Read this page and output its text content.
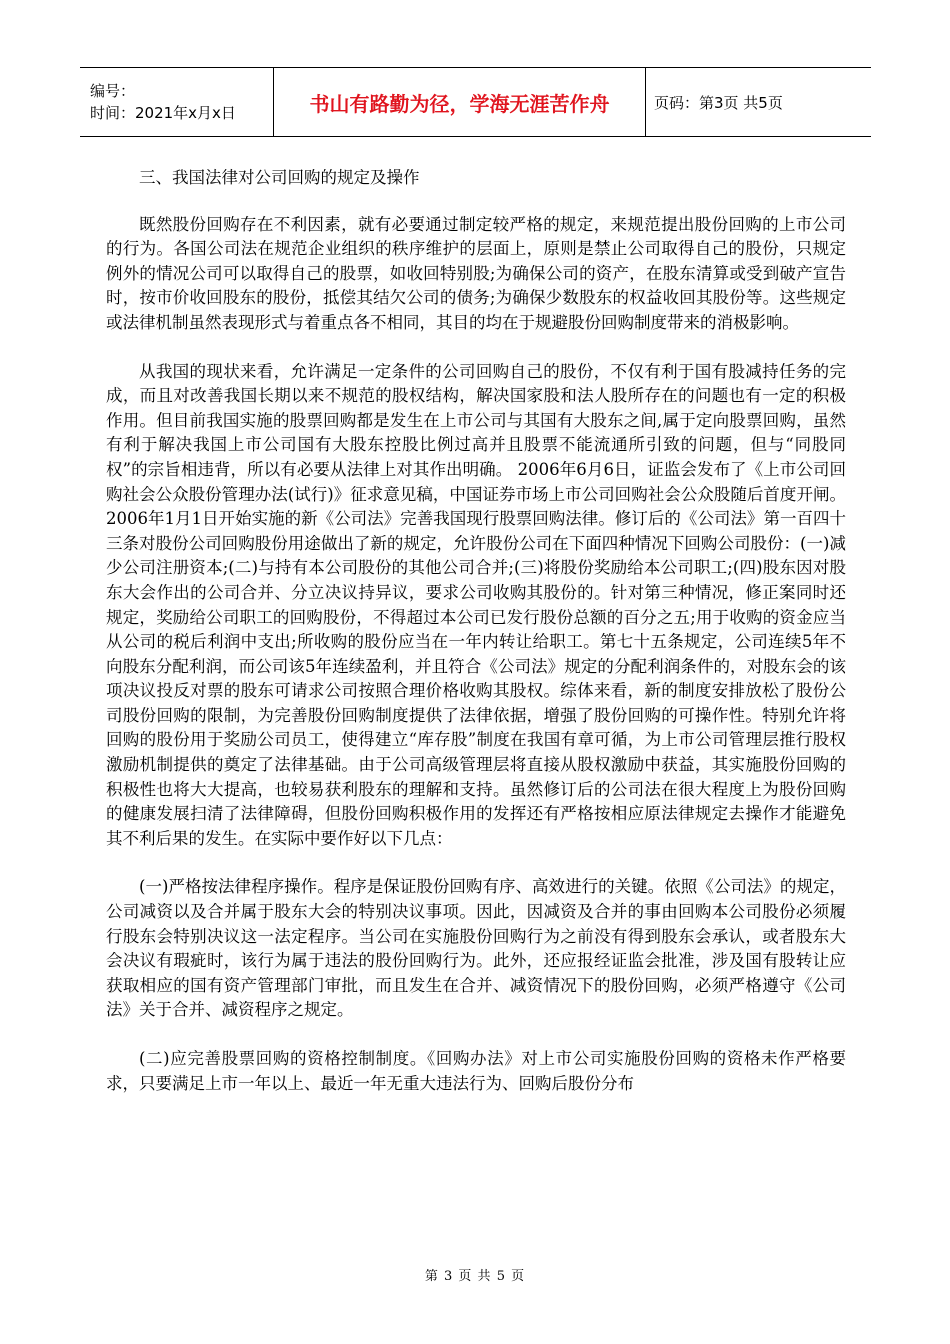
编号：
时间：2021年x月x日	书山有路勤为径，学海无涯苦作舟	页码：第3页 共5页

三、我国法律对公司回购的规定及操作

既然股份回购存在不利因素，就有必要通过制定较严格的规定，来规范提出股份回购的上市公司的行为。各国公司法在规范企业组织的秩序维护的层面上，原则是禁止公司取得自己的股份，只规定例外的情况公司可以取得自己的股票，如收回特别股;为确保公司的资产，在股东清算或受到破产宣告时，按市价收回股东的股份，抵偿其结欠公司的债务;为确保少数股东的权益收回其股份等。这些规定或法律机制虽然表现形式与着重点各不相同，其目的均在于规避股份回购制度带来的消极影响。

从我国的现状来看，允许满足一定条件的公司回购自己的股份，不仅有利于国有股减持任务的完成，而且对改善我国长期以来不规范的股权结构，解决国家股和法人股所存在的问题也有一定的积极作用。但目前我国实施的股票回购都是发生在上市公司与其国有大股东之间,属于定向股票回购，虽然有利于解决我国上市公司国有大股东控股比例过高并且股票不能流通所引致的问题，但与“同股同权”的宗旨相违背，所以有必要从法律上对其作出明确。 2006年6月6日，证监会发布了《上市公司回购社会公众股份管理办法(试行)》征求意见稿，中国证券市场上市公司回购社会公众股随后首度开闸。2006年1月1日开始实施的新《公司法》完善我国现行股票回购法律。修订后的《公司法》第一百四十三条对股份公司回购股份用途做出了新的规定，允许股份公司在下面四种情况下回购公司股份：(一)减少公司注册资本;(二)与持有本公司股份的其他公司合并;(三)将股份奖励给本公司职工;(四)股东因对股东大会作出的公司合并、分立决议持异议，要求公司收购其股份的。针对第三种情况，修正案同时还规定，奖励给公司职工的回购股份，不得超过本公司已发行股份总额的百分之五;用于收购的资金应当从公司的税后利润中支出;所收购的股份应当在一年内转让给职工。第七十五条规定，公司连续5年不向股东分配利润，而公司该5年连续盈利，并且符合《公司法》规定的分配利润条件的，对股东会的该项决议投反对票的股东可请求公司按照合理价格收购其股权。综体来看，新的制度安排放松了股份公司股份回购的限制，为完善股份回购制度提供了法律依据，增强了股份回购的可操作性。特别允许将回购的股份用于奖励公司员工，使得建立“库存股”制度在我国有章可循，为上市公司管理层推行股权激励机制提供的奠定了法律基础。由于公司高级管理层将直接从股权激励中获益，其实施股份回购的积极性也将大大提高，也较易获利股东的理解和支持。虽然修订后的公司法在很大程度上为股份回购的健康发展扫清了法律障碍，但股份回购积极作用的发挥还有严格按相应原法律规定去操作才能避免其不利后果的发生。在实际中要作好以下几点：

(一)严格按法律程序操作。程序是保证股份回购有序、高效进行的关键。依照《公司法》的规定，公司减资以及合并属于股东大会的特别决议事项。因此，因减资及合并的事由回购本公司股份必须履行股东会特别决议这一法定程序。当公司在实施股份回购行为之前没有得到股东会承认，或者股东大会决议有瑕疵时，该行为属于违法的股份回购行为。此外，还应报经证监会批准，涉及国有股转让应获取相应的国有资产管理部门审批，而且发生在合并、减资情况下的股份回购，必须严格遵守《公司法》关于合并、减资程序之规定。

(二)应完善股票回购的资格控制制度。《回购办法》对上市公司实施股份回购的资格未作严格要求，只要满足上市一年以上、最近一年无重大违法行为、回购后股份分布

第 3 页 共 5 页
